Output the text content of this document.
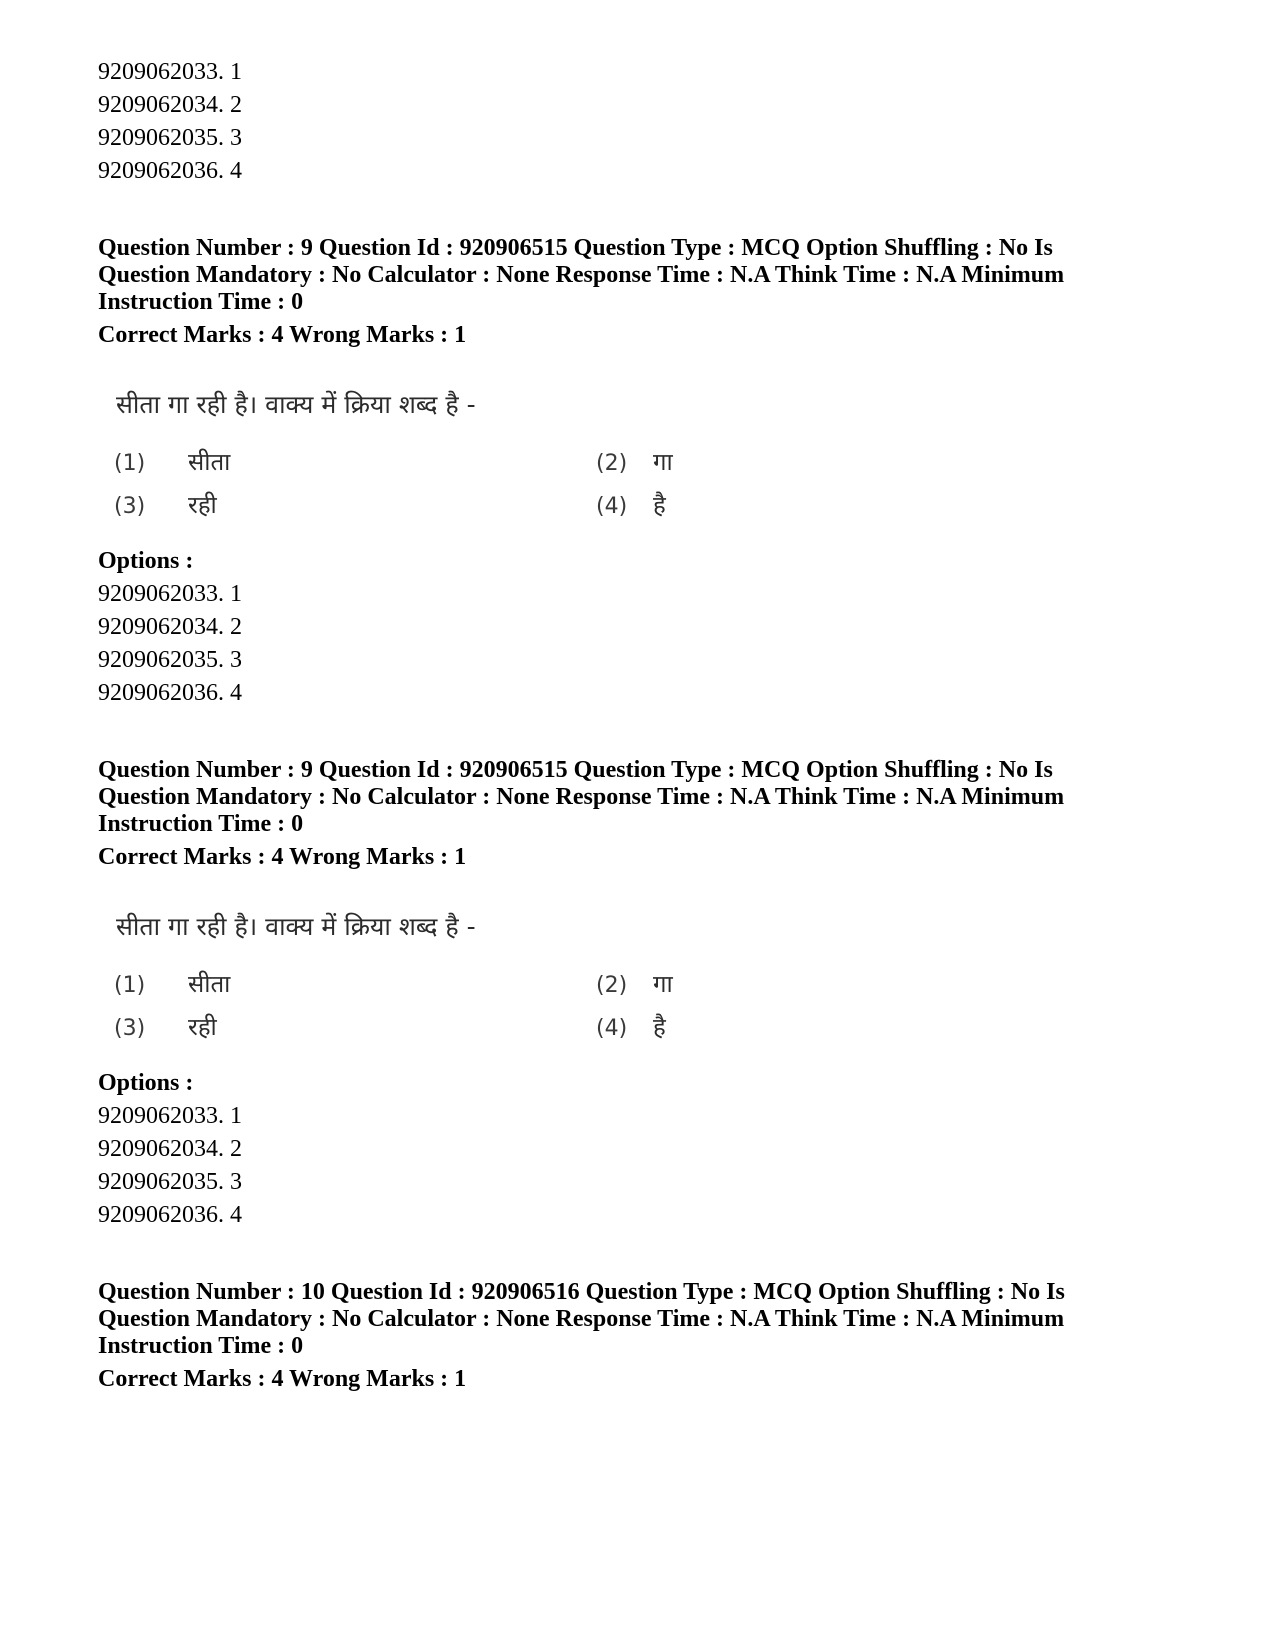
9209062033. 1
9209062034. 2
9209062035. 3
9209062036. 4
Question Number : 9 Question Id : 920906515 Question Type : MCQ Option Shuffling : No Is
Question Mandatory : No Calculator : None Response Time : N.A Think Time : N.A Minimum
Instruction Time : 0
Correct Marks : 4 Wrong Marks : 1
सीता गा रही है। वाक्य में क्रिया शब्द है -
(1) सीता	(2) गा
(3) रही	(4) है
Options :
9209062033. 1
9209062034. 2
9209062035. 3
9209062036. 4
Question Number : 9 Question Id : 920906515 Question Type : MCQ Option Shuffling : No Is
Question Mandatory : No Calculator : None Response Time : N.A Think Time : N.A Minimum
Instruction Time : 0
Correct Marks : 4 Wrong Marks : 1
सीता गा रही है। वाक्य में क्रिया शब्द है -
(1) सीता	(2) गा
(3) रही	(4) है
Options :
9209062033. 1
9209062034. 2
9209062035. 3
9209062036. 4
Question Number : 10 Question Id : 920906516 Question Type : MCQ Option Shuffling : No Is
Question Mandatory : No Calculator : None Response Time : N.A Think Time : N.A Minimum
Instruction Time : 0
Correct Marks : 4 Wrong Marks : 1
